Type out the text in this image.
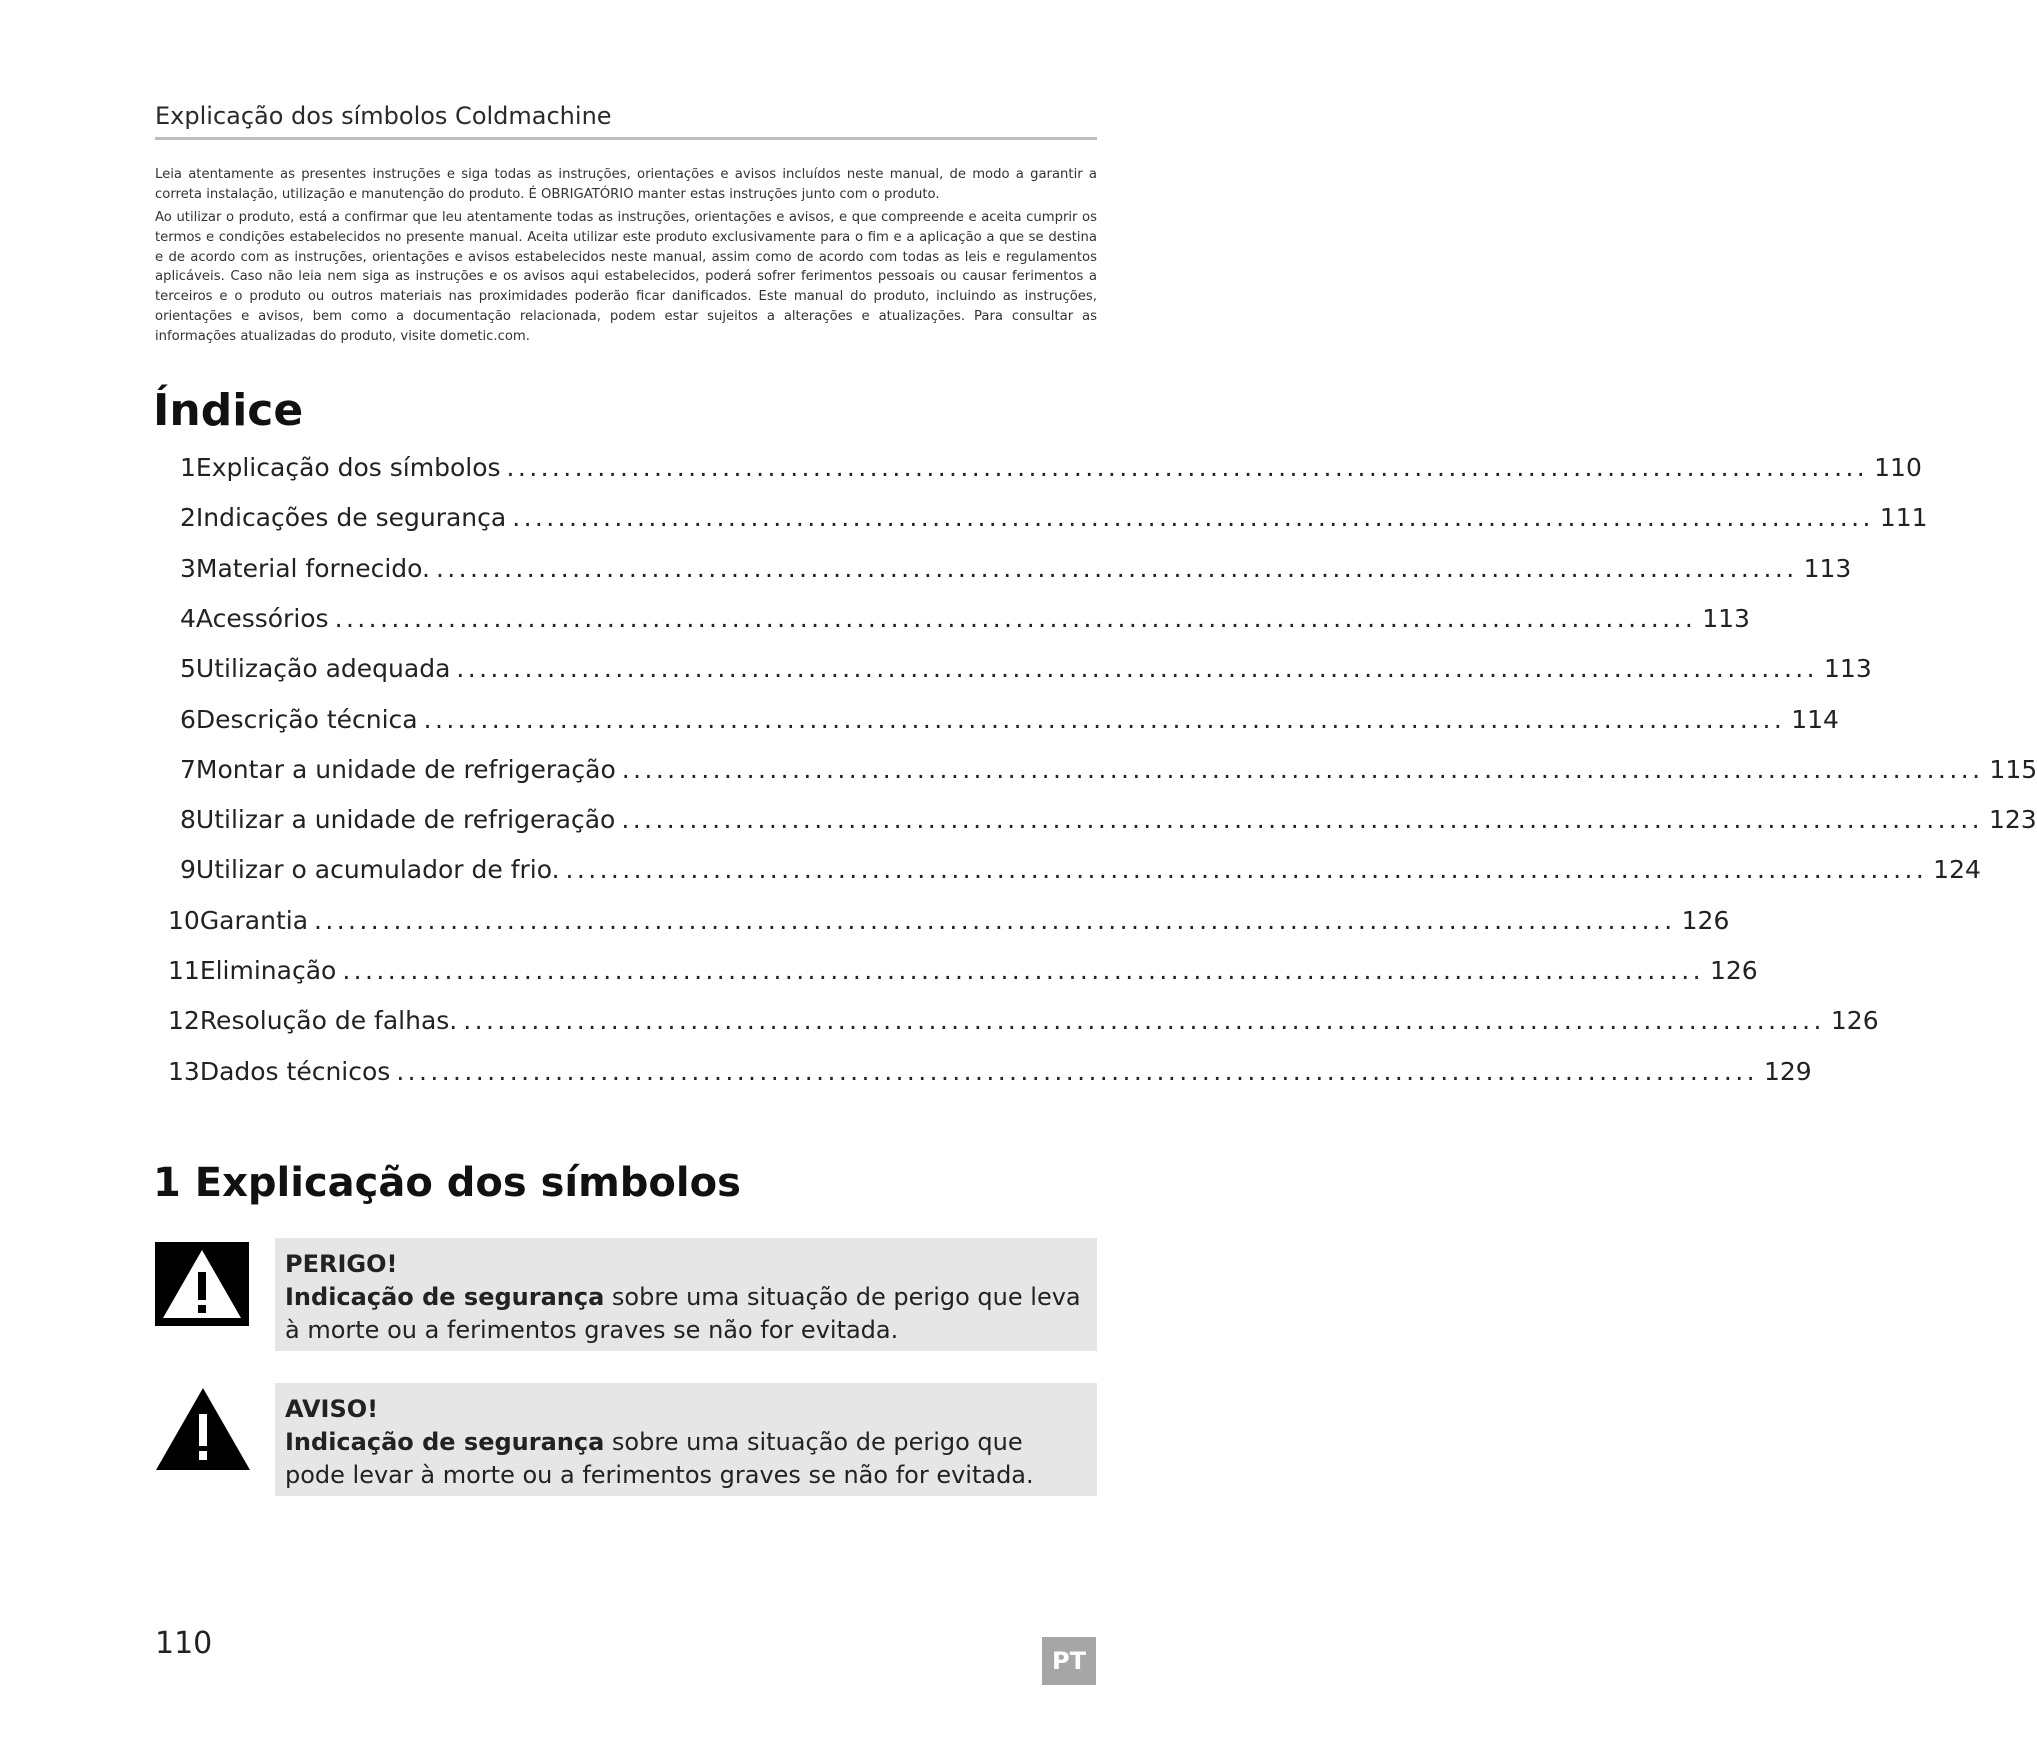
Explicação dos símbolos Coldmachine

Leia atentamente as presentes instruções e siga todas as instruções, orientações e avisos incluídos neste manual, de modo a garantir a correta instalação, utilização e manutenção do produto. É OBRIGATÓRIO manter estas instruções junto com o produto.

Ao utilizar o produto, está a confirmar que leu atentamente todas as instruções, orientações e avisos, e que compreende e aceita cumprir os termos e condições estabelecidos no presente manual. Aceita utilizar este produto exclusivamente para o fim e a aplicação a que se destina e de acordo com as instruções, orientações e avisos estabelecidos neste manual, assim como de acordo com todas as leis e regulamentos aplicáveis. Caso não leia nem siga as instruções e os avisos aqui estabelecidos, poderá sofrer ferimentos pessoais ou causar ferimentos a terceiros e o produto ou outros materiais nas proximidades poderão ficar danificados. Este manual do produto, incluindo as instruções, orientações e avisos, bem como a documentação relacionada, podem estar sujeitos a alterações e atualizações. Para consultar as informações atualizadas do produto, visite dometic.com.

Índice
1 Explicação dos símbolos ........................................................................................................................ 110
2 Indicações de segurança ........................................................................................................................ 111
3 Material fornecido. ........................................................................................................................ 113
4 Acessórios ........................................................................................................................ 113
5 Utilização adequada ........................................................................................................................ 113
6 Descrição técnica ........................................................................................................................ 114
7 Montar a unidade de refrigeração ........................................................................................................................ 115
8 Utilizar a unidade de refrigeração ........................................................................................................................ 123
9 Utilizar o acumulador de frio. ........................................................................................................................ 124
10 Garantia ........................................................................................................................ 126
11 Eliminação ........................................................................................................................ 126
12 Resolução de falhas. ........................................................................................................................ 126
13 Dados técnicos ........................................................................................................................ 129
1 Explicação dos símbolos
PERIGO!
Indicação de segurança sobre uma situação de perigo que leva à morte ou a ferimentos graves se não for evitada.
AVISO!
Indicação de segurança sobre uma situação de perigo que pode levar à morte ou a ferimentos graves se não for evitada.
110	PT
